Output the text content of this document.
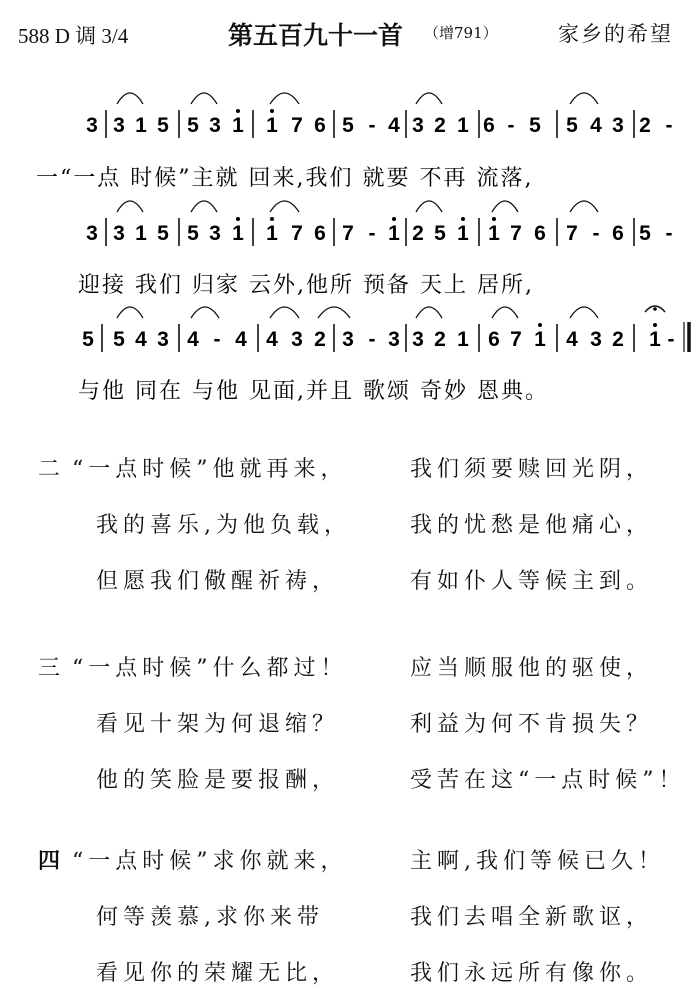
588 D 调 3/4	第五百九十一首 （增791）	家乡的希望
3 3 1 5 5 3 1 1 7 6 5 - 4 3 2 1 6 - 5 5 4 3 2 -
一“一点 时候”主就 回来,我们 就要 不再 流落,
3 3 1 5 5 3 1 1 7 6 7 - 1 2 5 1 1 7 6 7 - 6 5 -
迎接 我们 归家 云外,他所 预备 天上 居所,
5 5 4 3 4 - 4 4 3 2 3 - 3 3 2 1 6 7 1 4 3 2 1 -
与他 同在 与他 见面,并且 歌颂 奇妙 恩典。
二 “一点时候”他就再来，	我们须要赎回光阴，
我的喜乐,为他负载，	我的忧愁是他痛心，
但愿我们儆醒祈祷，	有如仆人等候主到。
三 “一点时候”什么都过！	应当顺服他的驱使，
看见十架为何退缩？	利益为何不肯损失？
他的笑脸是要报酬，	受苦在这“一点时候”！
四 “一点时候”求你就来，	主啊,我们等候已久！
何等羡慕,求你来带	我们去唱全新歌讴，
看见你的荣耀无比，	我们永远所有像你。
